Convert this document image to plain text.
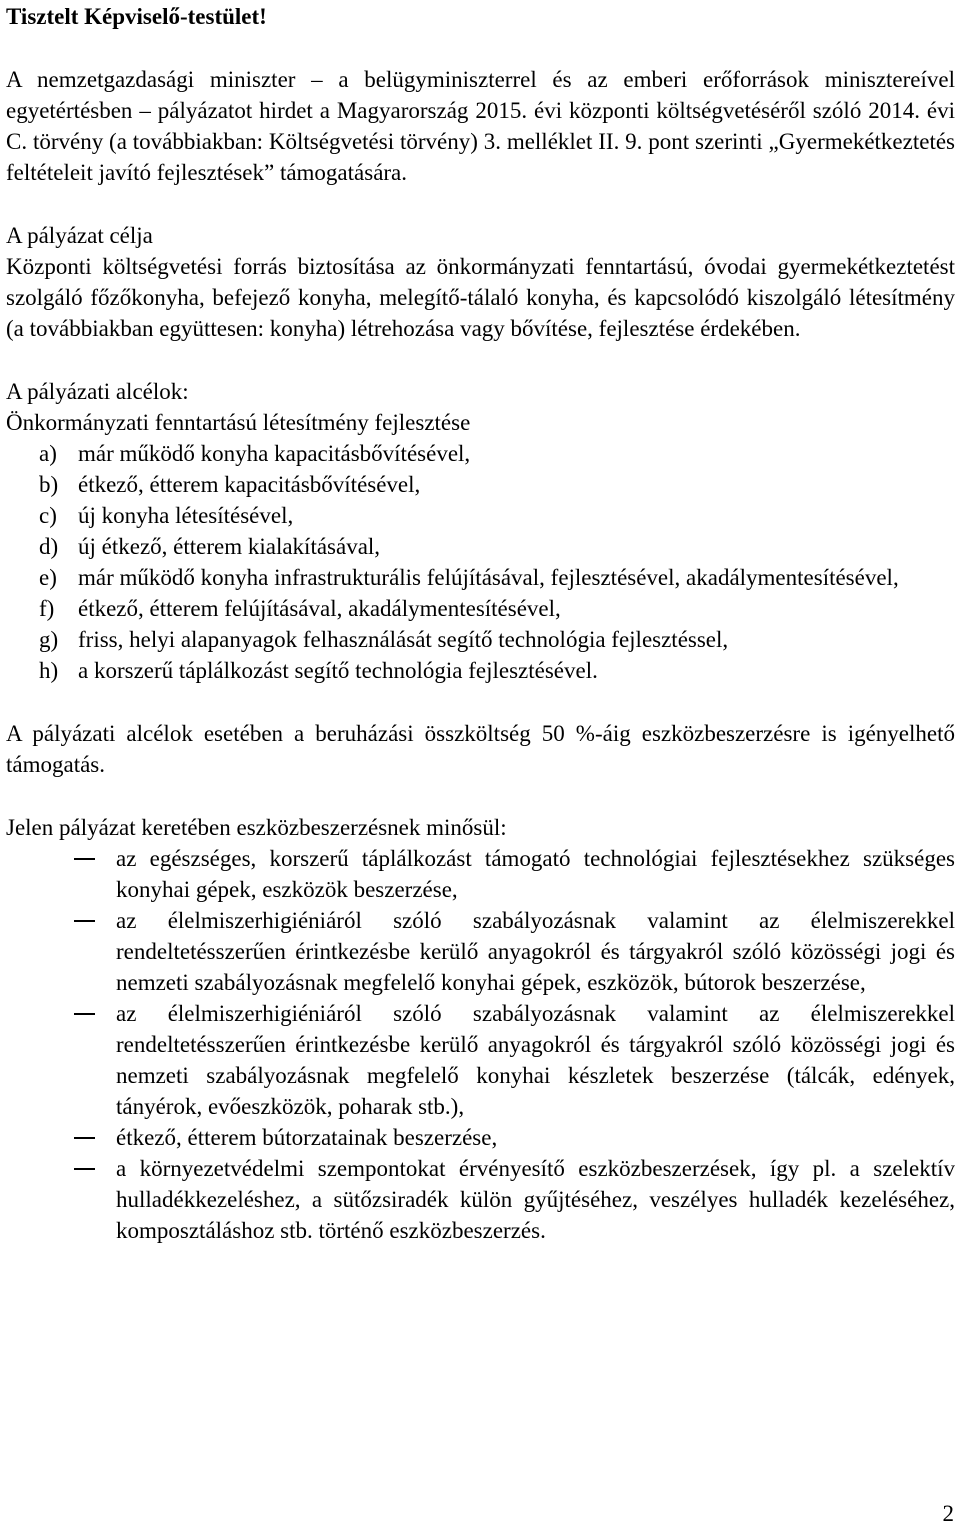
Tisztelt Képviselő-testület!

A nemzetgazdasági miniszter – a belügyminiszterrel és az emberi erőforrások minisztereível egyetértésben – pályázatot hirdet a Magyarország 2015. évi központi költségvetéséről szóló 2014. évi C. törvény (a továbbiakban: Költségvetési törvény) 3. melléklet II. 9. pont szerinti „Gyermekétkeztetés feltételeit javító fejlesztések” támogatására.

A pályázat célja

Központi költségvetési forrás biztosítása az önkormányzati fenntartású, óvodai gyermekétkeztetést szolgáló főzőkonyha, befejező konyha, melegítő-tálaló konyha, és kapcsolódó kiszolgáló létesítmény (a továbbiakban együttesen: konyha) létrehozása vagy bővítése, fejlesztése érdekében.

A pályázati alcélok:

Önkormányzati fenntartású létesítmény fejlesztése

a) már működő konyha kapacitásbővítésével,
b) étkező, étterem kapacitásbővítésével,
c) új konyha létesítésével,
d) új étkező, étterem kialakításával,
e) már működő konyha infrastrukturális felújításával, fejlesztésével, akadálymentesítésével,
f) étkező, étterem felújításával, akadálymentesítésével,
g) friss, helyi alapanyagok felhasználását segítő technológia fejlesztéssel,
h) a korszerű táplálkozást segítő technológia fejlesztésével.

A pályázati alcélok esetében a beruházási összköltség 50 %-áig eszközbeszerzésre is igényelhető támogatás.

Jelen pályázat keretében eszközbeszerzésnek minősül:

az egészséges, korszerű táplálkozást támogató technológiai fejlesztésekhez szükséges konyhai gépek, eszközök beszerzése,
az élelmiszerhigiéniáról szóló szabályozásnak valamint az élelmiszerekkel rendeltetésszerűen érintkezésbe kerülő anyagokról és tárgyakról szóló közösségi jogi és nemzeti szabályozásnak megfelelő konyhai gépek, eszközök, bútorok beszerzése,
az élelmiszerhigiéniáról szóló szabályozásnak valamint az élelmiszerekkel rendeltetésszerűen érintkezésbe kerülő anyagokról és tárgyakról szóló közösségi jogi és nemzeti szabályozásnak megfelelő konyhai készletek beszerzése (tálcák, edények, tányérok, evőeszközök, poharak stb.),
étkező, étterem bútorzatainak beszerzése,
a környezetvédelmi szempontokat érvényesítő eszközbeszerzések, így pl. a szelektív hulladékkezeléshez, a sütőzsiradék külön gyűjtéséhez, veszélyes hulladék kezeléséhez, komposztáláshoz stb. történő eszközbeszerzés.
2
